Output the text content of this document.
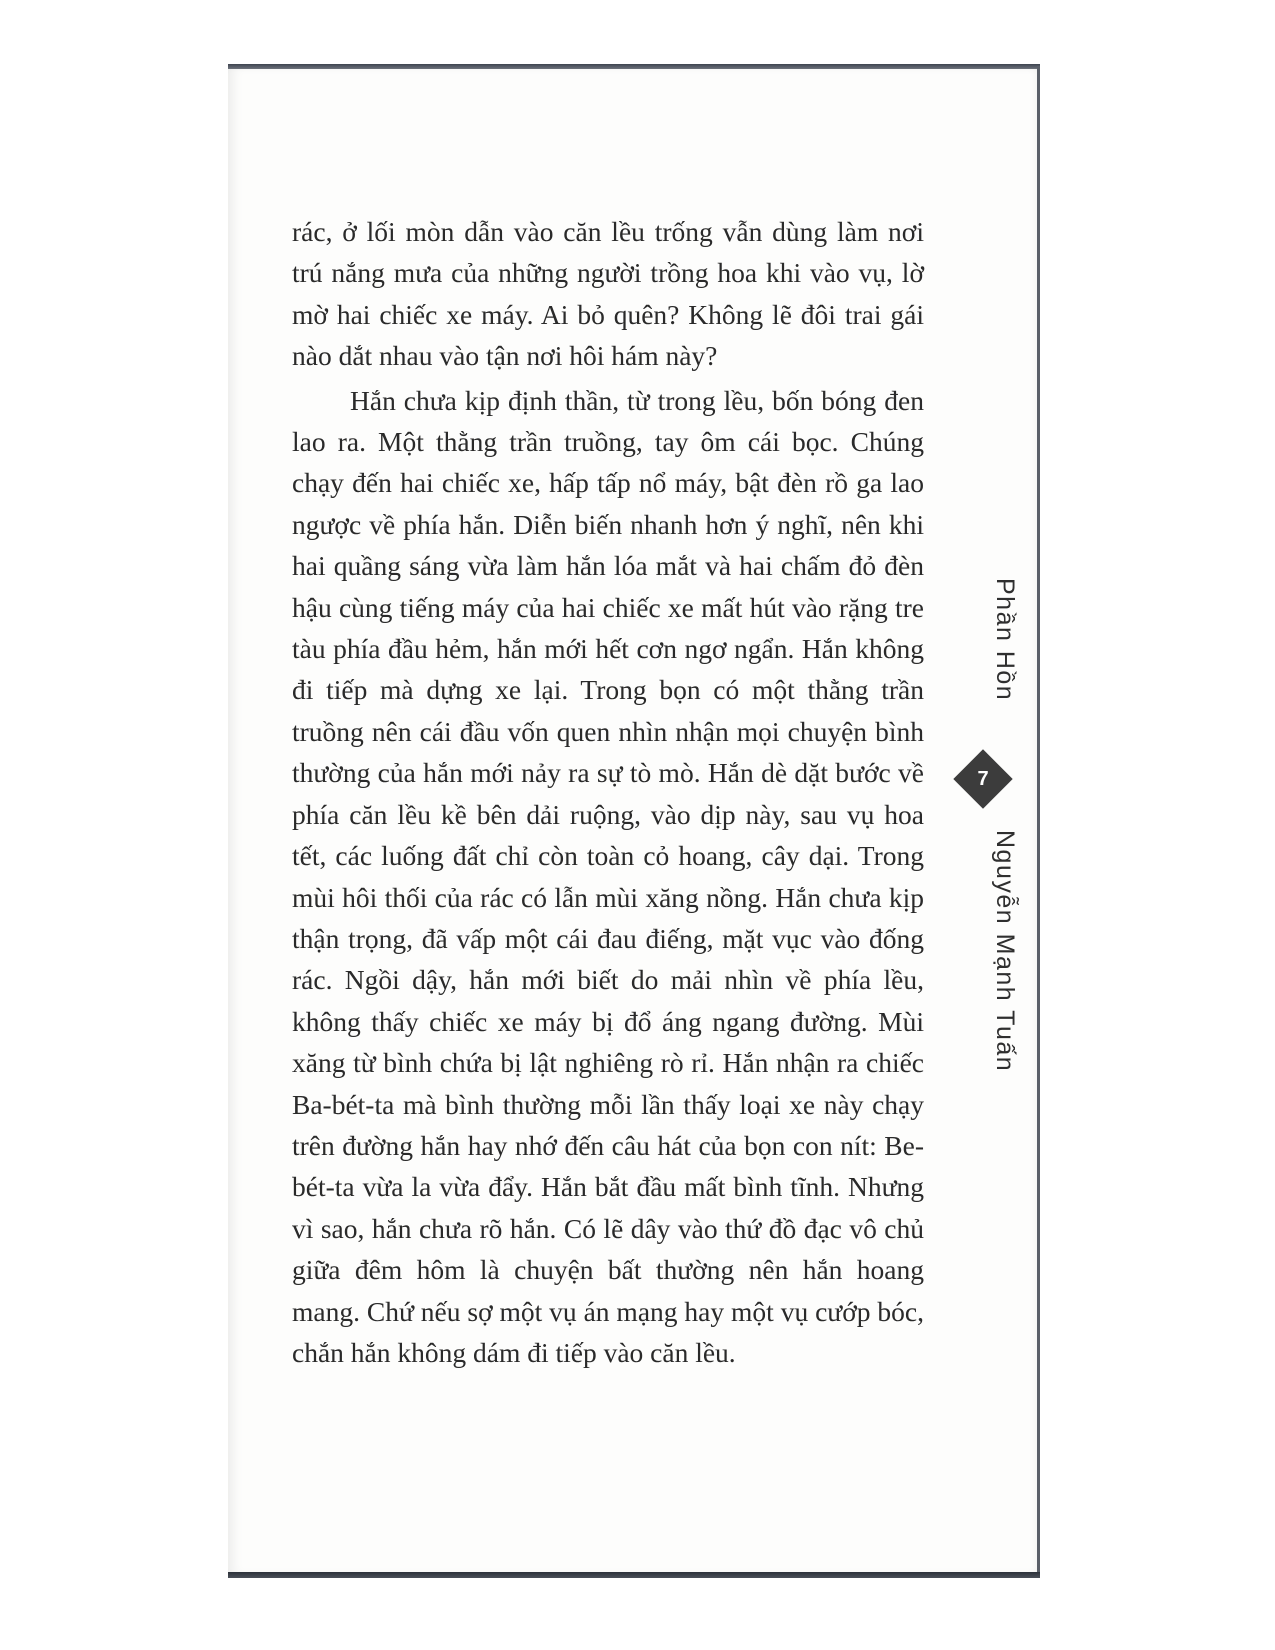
rác, ở lối mòn dẫn vào căn lều trống vẫn dùng làm nơi trú nắng mưa của những người trồng hoa khi vào vụ, lờ mờ hai chiếc xe máy. Ai bỏ quên? Không lẽ đôi trai gái nào dắt nhau vào tận nơi hôi hám này?

Hắn chưa kịp định thần, từ trong lều, bốn bóng đen lao ra. Một thằng trần truồng, tay ôm cái bọc. Chúng chạy đến hai chiếc xe, hấp tấp nổ máy, bật đèn rồ ga lao ngược về phía hắn. Diễn biến nhanh hơn ý nghĩ, nên khi hai quầng sáng vừa làm hắn lóa mắt và hai chấm đỏ đèn hậu cùng tiếng máy của hai chiếc xe mất hút vào rặng tre tàu phía đầu hẻm, hắn mới hết cơn ngơ ngẩn. Hắn không đi tiếp mà dựng xe lại. Trong bọn có một thằng trần truồng nên cái đầu vốn quen nhìn nhận mọi chuyện bình thường của hắn mới nảy ra sự tò mò. Hắn dè dặt bước về phía căn lều kề bên dải ruộng, vào dịp này, sau vụ hoa tết, các luống đất chỉ còn toàn cỏ hoang, cây dại. Trong mùi hôi thối của rác có lẫn mùi xăng nồng. Hắn chưa kịp thận trọng, đã vấp một cái đau điếng, mặt vục vào đống rác. Ngồi dậy, hắn mới biết do mải nhìn về phía lều, không thấy chiếc xe máy bị đổ áng ngang đường. Mùi xăng từ bình chứa bị lật nghiêng rò rỉ. Hắn nhận ra chiếc Ba-bét-ta mà bình thường mỗi lần thấy loại xe này chạy trên đường hắn hay nhớ đến câu hát của bọn con nít: Be-bét-ta vừa la vừa đẩy. Hắn bắt đầu mất bình tĩnh. Nhưng vì sao, hắn chưa rõ hắn. Có lẽ dây vào thứ đồ đạc vô chủ giữa đêm hôm là chuyện bất thường nên hắn hoang mang. Chứ nếu sợ một vụ án mạng hay một vụ cướp bóc, chắn hắn không dám đi tiếp vào căn lều.

Phần Hồn
7
Nguyễn Mạnh Tuấn
